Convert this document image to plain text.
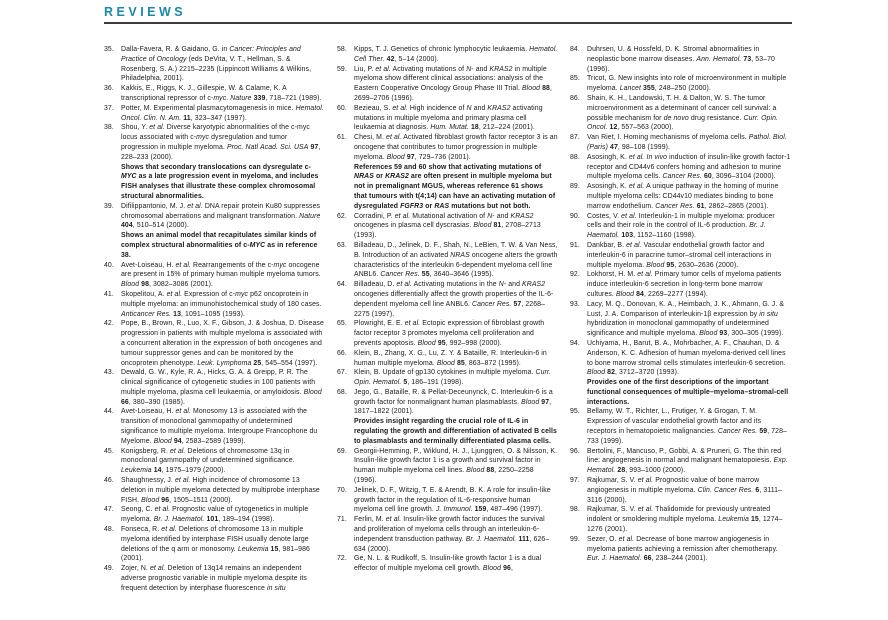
REVIEWS
35.	Dalla-Favera, R. & Gaidano, G. in Cancer: Principles and Practice of Oncology (eds DeVita, V. T., Hellman, S. & Rosenberg, S. A.) 2215–2235 (Lippincott Williams & Wilkins, Philadelphia, 2001).
36.	Kakkis, E., Riggs, K. J., Gillespie, W. & Calame, K. A transcriptional repressor of c-myc. Nature 339, 718–721 (1989).
37.	Potter, M. Experimental plasmacytomagenesis in mice. Hematol. Oncol. Clin. N. Am. 11, 323–347 (1997).
38.	Shou, Y. et al. Diverse karyotypic abnormalities of the c-myc locus associated with c-myc dysregulation and tumor progression in multiple myeloma. Proc. Natl Acad. Sci. USA 97, 228–233 (2000).
Shows that secondary translocations can dysregulate c-MYC as a late progression event in myeloma, and includes FISH analyses that illustrate these complex chromosomal structural abnormalities.
39.	Difilippantonio, M. J. et al. DNA repair protein Ku80 suppresses chromosomal aberrations and malignant transformation. Nature 404, 510–514 (2000).
Shows an animal model that recapitulates similar kinds of complex structural abnormalities of c-MYC as in reference 38.
40.	Avet-Loiseau, H. et al. Rearrangements of the c-myc oncogene are present in 15% of primary human multiple myeloma tumors. Blood 98, 3082–3086 (2001).
41.	Skopelitou, A. et al. Expression of c-myc p62 oncoprotein in multiple myeloma: an immunohistochemical study of 180 cases. Anticancer Res. 13, 1091–1095 (1993).
42.	Pope, B., Brown, R., Luo, X. F., Gibson, J. & Joshua, D. Disease progression in patients with multiple myeloma is associated with a concurrent alteration in the expression of both oncogenes and tumour suppressor genes and can be monitored by the oncoprotein phenotype. Leuk. Lymphoma 25, 545–554 (1997).
43.	Dewald, G. W., Kyle, R. A., Hicks, G. A. & Greipp, P. R. The clinical significance of cytogenetic studies in 100 patients with multiple myeloma, plasma cell leukaemia, or amyloidosis. Blood 66, 380–390 (1985).
44.	Avet-Loiseau, H. et al. Monosomy 13 is associated with the transition of monoclonal gammopathy of undetermined significance to multiple myeloma. Intergroupe Francophone du Myelome. Blood 94, 2583–2589 (1999).
45.	Konigsberg, R. et al. Deletions of chromosome 13q in monoclonal gammopathy of undetermined significance. Leukemia 14, 1975–1979 (2000).
46.	Shaughnessy, J. et al. High incidence of chromosome 13 deletion in multiple myeloma detected by multiprobe interphase FISH. Blood 96, 1505–1511 (2000).
47.	Seong, C. et al. Prognostic value of cytogenetics in multiple myeloma. Br. J. Haematol. 101, 189–194 (1998).
48.	Fonseca, R. et al. Deletions of chromosome 13 in multiple myeloma identified by interphase FISH usually denote large deletions of the q arm or monosomy. Leukemia 15, 981–986 (2001).
49.	Zojer, N. et al. Deletion of 13q14 remains an independent adverse prognostic variable in multiple myeloma despite its frequent detection by interphase fluorescence in situ
58.	Kipps, T. J. Genetics of chronic lymphocytic leukaemia. Hematol. Cell Ther. 42, 5–14 (2000).
59.	Liu, P. et al. Activating mutations of N- and KRAS2 in multiple myeloma show different clinical associations: analysis of the Eastern Cooperative Oncology Group Phase III Trial. Blood 88, 2699–2706 (1996).
60.	Bezieau, S. et al. High incidence of N and KRAS2 activating mutations in multiple myeloma and primary plasma cell leukaemia at diagnosis. Hum. Mutat. 18, 212–224 (2001).
61.	Chesi, M. et al. Activated fibroblast growth factor receptor 3 is an oncogene that contributes to tumor progression in multiple myeloma. Blood 97, 729–736 (2001).
References 59 and 60 show that activating mutations of NRAS or KRAS2 are often present in multiple myeloma but not in premalignant MGUS, whereas reference 61 shows that tumours with t(4;14) can have an activating mutation of dysregulated FGFR3 or RAS mutations but not both.
62.	Corradini, P. et al. Mutational activation of N- and KRAS2 oncogenes in plasma cell dyscrasias. Blood 81, 2708–2713 (1993).
63.	Billadeau, D., Jelinek, D. F., Shah, N., LeBien, T. W. & Van Ness, B. Introduction of an activated NRAS oncogene alters the growth characteristics of the interleukin 6-dependent myeloma cell line ANBL6. Cancer Res. 55, 3640–3646 (1995).
64.	Billadeau, D. et al. Activating mutations in the N- and KRAS2 oncogenes differentially affect the growth properties of the IL-6-dependent myeloma cell line ANBL6. Cancer Res. 57, 2268–2275 (1997).
65.	Plowright, E. E. et al. Ectopic expression of fibroblast growth factor receptor 3 promotes myeloma cell proliferation and prevents apoptosis. Blood 95, 992–998 (2000).
66.	Klein, B., Zhang, X. G., Lu, Z. Y. & Bataille, R. Interleukin-6 in human multiple myeloma. Blood 85, 863–872 (1995).
67.	Klein, B. Update of gp130 cytokines in multiple myeloma. Curr. Opin. Hematol. 5, 186–191 (1998).
68.	Jego, G., Bataille, R. & Pellat-Deceunynck, C. Interleukin-6 is a growth factor for nonmalignant human plasmablasts. Blood 97, 1817–1822 (2001).
Provides insight regarding the crucial role of IL-6 in regulating the growth and differentiation of activated B cells to plasmablasts and terminally differentiated plasma cells.
69.	Georgii-Hemming, P., Wiklund, H. J., Ljunggren, O. & Nilsson, K. Insulin-like growth factor 1 is a growth and survival factor in human multiple myeloma cell lines. Blood 88, 2250–2258 (1996).
70.	Jelinek, D. F., Witzig, T. E. & Arendt, B. K. A role for insulin-like growth factor in the regulation of IL-6-responsive human myeloma cell line growth. J. Immunol. 159, 487–496 (1997).
71.	Ferlin, M. et al. Insulin-like growth factor induces the survival and proliferation of myeloma cells through an interleukin-6-independent transduction pathway. Br. J. Haematol. 111, 626–634 (2000).
72.	Ge, N. L. & Rudikoff, S. Insulin-like growth factor 1 is a dual effector of multiple myeloma cell growth. Blood 96,
84.	Duhrsen, U. & Hossfeld, D. K. Stromal abnormalities in neoplastic bone marrow diseases. Ann. Hematol. 73, 53–70 (1996).
85.	Tricot, G. New insights into role of microenvironment in multiple myeloma. Lancet 355, 248–250 (2000).
86.	Shain, K. H., Landowski, T. H. & Dalton, W. S. The tumor microenvironment as a determinant of cancer cell survival: a possible mechanism for de novo drug resistance. Curr. Opin. Oncol. 12, 557–563 (2000).
87.	Van Riet, I. Homing mechanisms of myeloma cells. Pathol. Biol. (Paris) 47, 98–108 (1999).
88.	Asosingh, K. et al. In vivo induction of insulin-like growth factor-1 receptor and CD44v6 confers homing and adhesion to murine multiple myeloma cells. Cancer Res. 60, 3096–3104 (2000).
89.	Asosingh, K. et al. A unique pathway in the homing of murine multiple myeloma cells: CD44v10 mediates binding to bone marrow endothelium. Cancer Res. 61, 2862–2865 (2001).
90.	Costes, V. et al. Interleukin-1 in multiple myeloma: producer cells and their role in the control of IL-6 production. Br. J. Haematol. 103, 1152–1160 (1998).
91.	Dankbar, B. et al. Vascular endothelial growth factor and interleukin-6 in paracrine tumor–stromal cell interactions in multiple myeloma. Blood 95, 2630–2636 (2000).
92.	Lokhorst, H. M. et al. Primary tumor cells of myeloma patients induce interleukin-6 secretion in long-term bone marrow cultures. Blood 84, 2269–2277 (1994).
93.	Lacy, M. Q., Donovan, K. A., Heimbach, J. K., Ahmann, G. J. & Lust, J. A. Comparison of interleukin-1β expression by in situ hybridization in monoclonal gammopathy of undetermined significance and multiple myeloma. Blood 93, 300–305 (1999).
94.	Uchiyama, H., Barut, B. A., Mohrbacher, A. F., Chauhan, D. & Anderson, K. C. Adhesion of human myeloma-derived cell lines to bone marrow stromal cells stimulates interleukin-6 secretion. Blood 82, 3712–3720 (1993).
Provides one of the first descriptions of the important functional consequences of multiple–myeloma–stromal-cell interactions.
95.	Bellamy, W. T., Richter, L., Frutiger, Y. & Grogan, T. M. Expression of vascular endothelial growth factor and its receptors in hematopoietic malignancies. Cancer Res. 59, 728–733 (1999).
96.	Bertolini, F., Mancuso, P., Gobbi, A. & Pruneri, G. The thin red line: angiogenesis in normal and malignant hematopoiesis. Exp. Hematol. 28, 993–1000 (2000).
97.	Rajkumar, S. V. et al. Prognostic value of bone marrow angiogenesis in multiple myeloma. Clin. Cancer Res. 6, 3111–3116 (2000).
98.	Rajkumar, S. V. et al. Thalidomide for previously untreated indolent or smoldering multiple myeloma. Leukemia 15, 1274–1276 (2001).
99.	Sezer, O. et al. Decrease of bone marrow angiogenesis in myeloma patients achieving a remission after chemotherapy. Eur. J. Haematol. 66, 238–244 (2001).
